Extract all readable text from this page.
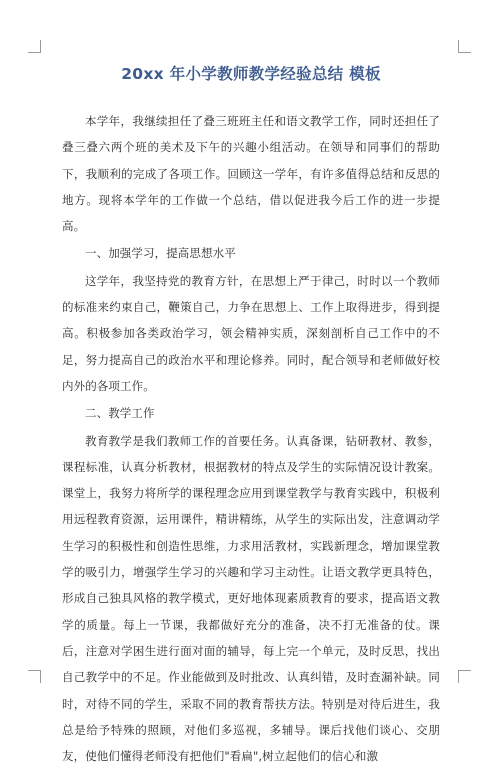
20xx 年小学教师教学经验总结 模板

本学年，我继续担任了叠三班班主任和语文教学工作，同时还担任了叠三叠六两个班的美术及下午的兴趣小组活动。在领导和同事们的帮助下，我顺利的完成了各项工作。回顾这一学年，有许多值得总结和反思的地方。现将本学年的工作做一个总结，借以促进我今后工作的进一步提高。

一、加强学习，提高思想水平

这学年，我坚持党的教育方针，在思想上严于律己，时时以一个教师的标准来约束自己，鞭策自己，力争在思想上、工作上取得进步，得到提高。积极参加各类政治学习，领会精神实质，深刻剖析自己工作中的不足，努力提高自己的政治水平和理论修养。同时，配合领导和老师做好校内外的各项工作。

二、教学工作

教育教学是我们教师工作的首要任务。认真备课，钻研教材、教参，课程标准，认真分析教材，根据教材的特点及学生的实际情况设计教案。课堂上，我努力将所学的课程理念应用到课堂教学与教育实践中，积极利用远程教育资源，运用课件，精讲精练，从学生的实际出发，注意调动学生学习的积极性和创造性思维，力求用活教材，实践新理念，增加课堂教学的吸引力，增强学生学习的兴趣和学习主动性。让语文教学更具特色，形成自己独具风格的教学模式，更好地体现素质教育的要求，提高语文教学的质量。每上一节课，我都做好充分的准备，决不打无准备的仗。课后，注意对学困生进行面对面的辅导，每上完一个单元，及时反思，找出自己教学中的不足。作业能做到及时批改、认真纠错，及时查漏补缺。同时，对待不同的学生，采取不同的教育帮扶方法。特别是对待后进生，我总是给予特殊的照顾，对他们多巡视，多辅导。课后找他们谈心、交朋友，使他们懂得老师没有把他们"看扁",树立起他们的信心和激
